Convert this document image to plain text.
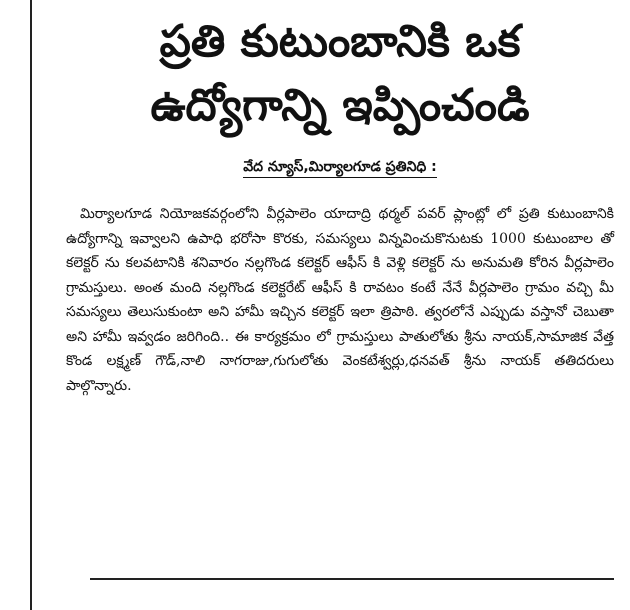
ప్రతి కుటుంబానికి ఒక
ఉద్యోగాన్ని ఇప్పించండి
వేద న్యూస్,మిర్యాలగూడ ప్రతినిధి :

మిర్యాలగూడ నియోజకవర్గంలోని వీర్లపాలెం యాదాద్రి థర్మల్ పవర్ ప్లాంట్లో లో ప్రతి కుటుంబానికి ఉద్యోగాన్ని ఇవ్వాలని ఉపాధి భరోసా కొరకు, సమస్యలు విన్నవించుకొనుటకు 1000 కుటుంబాల తో కలెక్టర్ ను కలవటానికి శనివారం నల్లగొండ కలెక్టర్ ఆఫీస్ కి వెళ్లి కలెక్టర్ ను అనుమతి కోరిన వీర్లపాలెం గ్రామస్తులు. అంత మంది నల్లగొండ కలెక్టరేట్ ఆఫీస్ కి రావటం కంటే నేనే వీర్లపాలెం గ్రామం వచ్చి మీ సమస్యలు తెలుసుకుంటా అని హామీ ఇచ్చిన కలెక్టర్ ఇలా త్రిపాఠి. త్వరలోనే ఎప్పుడు వస్తానో చెబుతా అని హామీ ఇవ్వడం జరిగింది.. ఈ కార్యక్రమం లో గ్రామస్తులు పాతులోతు శ్రీను నాయక్,సామాజిక వేత్త కొండ లక్ష్మణ్ గౌడ్,నాలి నాగరాజు,గుగులోతు వెంకటేశ్వర్లు,ధనవత్ శ్రీను నాయక్ తతిదరులు పాల్గొన్నారు.
